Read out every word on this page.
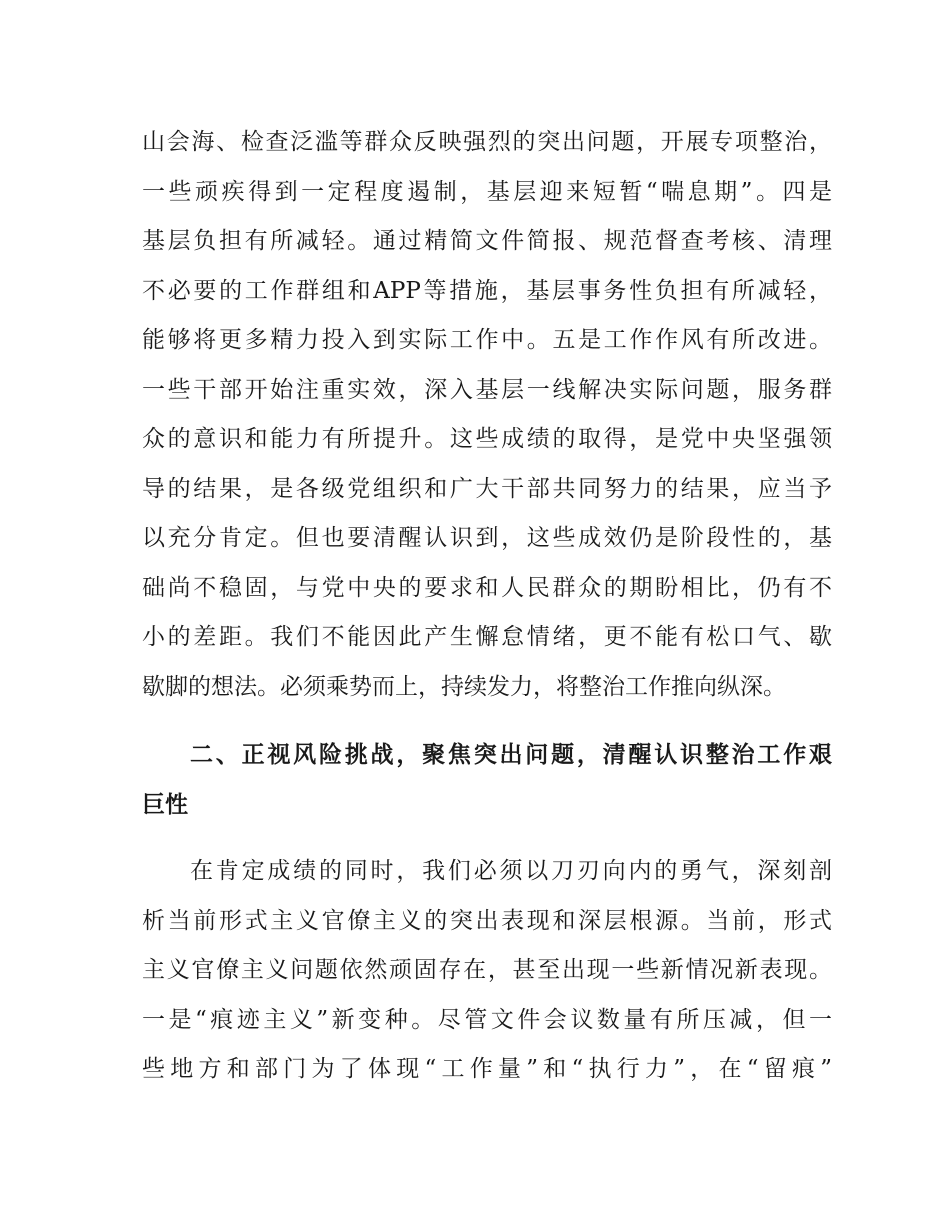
山会海、检查泛滥等群众反映强烈的突出问题，开展专项整治，
一些顽疾得到一定程度遏制，基层迎来短暂“喘息期”。四是
基层负担有所减轻。通过精简文件简报、规范督查考核、清理
不必要的工作群组和APP等措施，基层事务性负担有所减轻，
能够将更多精力投入到实际工作中。五是工作作风有所改进。
一些干部开始注重实效，深入基层一线解决实际问题，服务群
众的意识和能力有所提升。这些成绩的取得，是党中央坚强领
导的结果，是各级党组织和广大干部共同努力的结果，应当予
以充分肯定。但也要清醒认识到，这些成效仍是阶段性的，基
础尚不稳固，与党中央的要求和人民群众的期盼相比，仍有不
小的差距。我们不能因此产生懈怠情绪，更不能有松口气、歇
歇脚的想法。必须乘势而上，持续发力，将整治工作推向纵深。
二、正视风险挑战，聚焦突出问题，清醒认识整治工作艰
巨性
在肯定成绩的同时，我们必须以刀刃向内的勇气，深刻剖
析当前形式主义官僚主义的突出表现和深层根源。当前，形式
主义官僚主义问题依然顽固存在，甚至出现一些新情况新表现。
一是“痕迹主义”新变种。尽管文件会议数量有所压减，但一
些地方和部门为了体现“工作量”和“执行力”，在“留痕”
